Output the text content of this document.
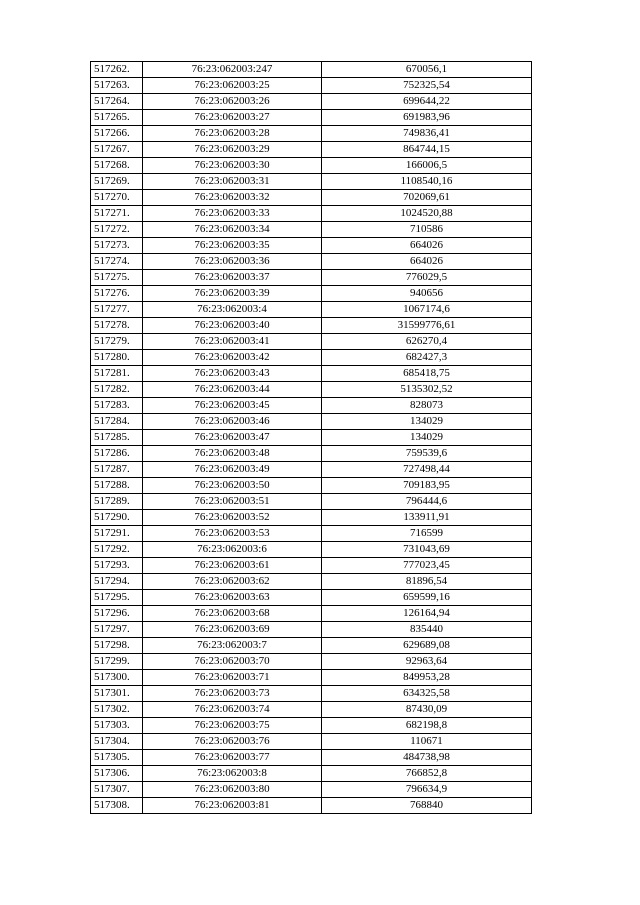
517262.	76:23:062003:247	670056,1
517263.	76:23:062003:25	752325,54
517264.	76:23:062003:26	699644,22
517265.	76:23:062003:27	691983,96
517266.	76:23:062003:28	749836,41
517267.	76:23:062003:29	864744,15
517268.	76:23:062003:30	166006,5
517269.	76:23:062003:31	1108540,16
517270.	76:23:062003:32	702069,61
517271.	76:23:062003:33	1024520,88
517272.	76:23:062003:34	710586
517273.	76:23:062003:35	664026
517274.	76:23:062003:36	664026
517275.	76:23:062003:37	776029,5
517276.	76:23:062003:39	940656
517277.	76:23:062003:4	1067174,6
517278.	76:23:062003:40	31599776,61
517279.	76:23:062003:41	626270,4
517280.	76:23:062003:42	682427,3
517281.	76:23:062003:43	685418,75
517282.	76:23:062003:44	5135302,52
517283.	76:23:062003:45	828073
517284.	76:23:062003:46	134029
517285.	76:23:062003:47	134029
517286.	76:23:062003:48	759539,6
517287.	76:23:062003:49	727498,44
517288.	76:23:062003:50	709183,95
517289.	76:23:062003:51	796444,6
517290.	76:23:062003:52	133911,91
517291.	76:23:062003:53	716599
517292.	76:23:062003:6	731043,69
517293.	76:23:062003:61	777023,45
517294.	76:23:062003:62	81896,54
517295.	76:23:062003:63	659599,16
517296.	76:23:062003:68	126164,94
517297.	76:23:062003:69	835440
517298.	76:23:062003:7	629689,08
517299.	76:23:062003:70	92963,64
517300.	76:23:062003:71	849953,28
517301.	76:23:062003:73	634325,58
517302.	76:23:062003:74	87430,09
517303.	76:23:062003:75	682198,8
517304.	76:23:062003:76	110671
517305.	76:23:062003:77	484738,98
517306.	76:23:062003:8	766852,8
517307.	76:23:062003:80	796634,9
517308.	76:23:062003:81	768840
